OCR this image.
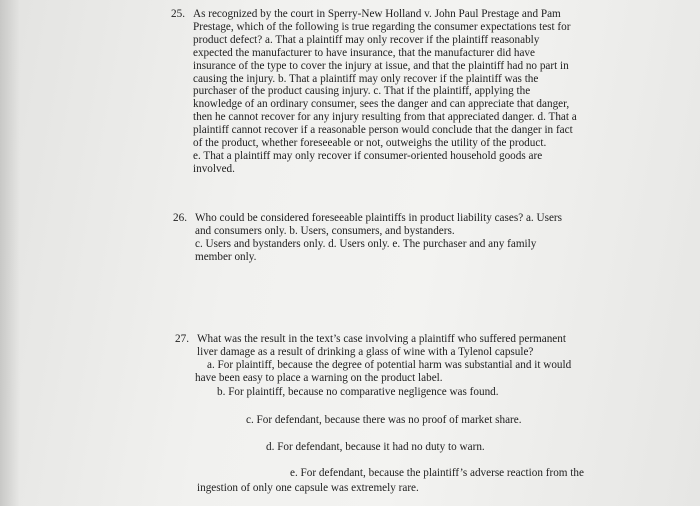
25. As recognized by the court in Sperry-New Holland v. John Paul Prestage and Pam
Prestage, which of the following is true regarding the consumer expectations test for
product defect? a. That a plaintiff may only recover if the plaintiff reasonably
expected the manufacturer to have insurance, that the manufacturer did have
insurance of the type to cover the injury at issue, and that the plaintiff had no part in
causing the injury. b. That a plaintiff may only recover if the plaintiff was the
purchaser of the product causing injury. c. That if the plaintiff, applying the
knowledge of an ordinary consumer, sees the danger and can appreciate that danger,
then he cannot recover for any injury resulting from that appreciated danger. d. That a
plaintiff cannot recover if a reasonable person would conclude that the danger in fact
of the product, whether foreseeable or not, outweighs the utility of the product.
e. That a plaintiff may only recover if consumer-oriented household goods are
involved.
26. Who could be considered foreseeable plaintiffs in product liability cases? a. Users
and consumers only. b. Users, consumers, and bystanders.
c. Users and bystanders only. d. Users only. e. The purchaser and any family
member only.
27. What was the result in the text’s case involving a plaintiff who suffered permanent
liver damage as a result of drinking a glass of wine with a Tylenol capsule?
a. For plaintiff, because the degree of potential harm was substantial and it would
have been easy to place a warning on the product label.
b. For plaintiff, because no comparative negligence was found.
c. For defendant, because there was no proof of market share.
d. For defendant, because it had no duty to warn.
e. For defendant, because the plaintiff’s adverse reaction from the
ingestion of only one capsule was extremely rare.
